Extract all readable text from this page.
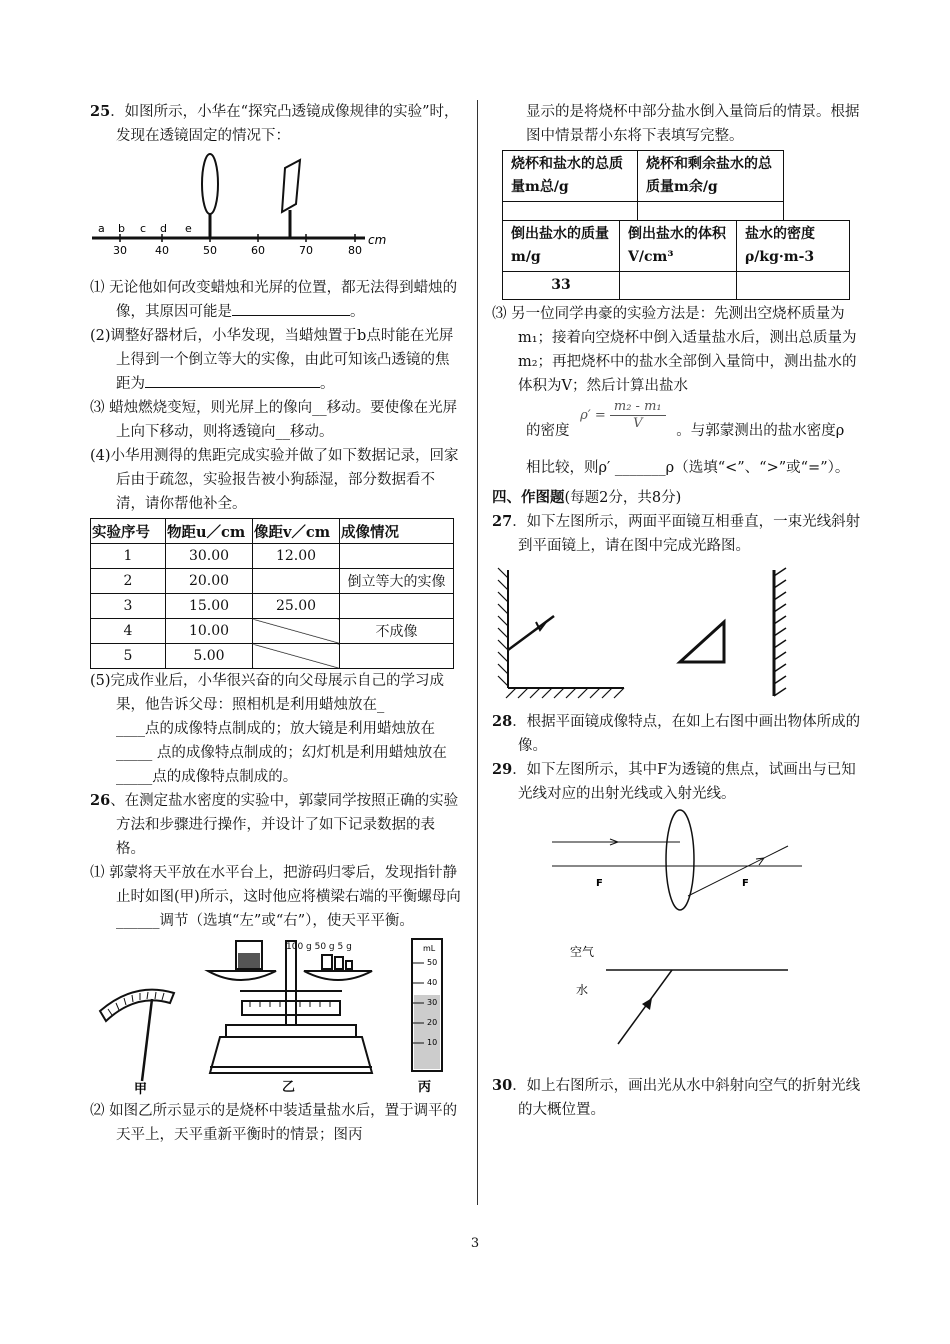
25．如图所示，小华在“探究凸透镜成像规律的实验”时，发现在透镜固定的情况下：

a b c d e
30	40	50	60	70	80
cm

⑴ 无论他如何改变蜡烛和光屏的位置，都无法得到蜡烛的像，其原因可能是	。

(2)调整好器材后，小华发现，当蜡烛置于b点时能在光屏上得到一个倒立等大的实像，由此可知该凸透镜的焦距为	。

⑶ 蜡烛燃烧变短，则光屏上的像向__移动。要使像在光屏上向下移动，则将透镜向__移动。

(4)小华用测得的焦距完成实验并做了如下数据记录，回家后由于疏忽，实验报告被小狗舔湿，部分数据看不清，请你帮他补全。

实验序号	物距u／cm	像距v／cm	成像情况
1	30.00	12.00	
2	20.00		倒立等大的实像
3	15.00	25.00	
4	10.00		不成像
5	5.00		

(5)完成作业后，小华很兴奋的向父母展示自己的学习成果，他告诉父母：照相机是利用蜡烛放在_
____点的成像特点制成的；放大镜是利用蜡烛放在_____ 点的成像特点制成的；幻灯机是利用蜡烛放在_____点的成像特点制成的。

26、在测定盐水密度的实验中，郭蒙同学按照正确的实验方法和步骤进行操作，并设计了如下记录数据的表格。

⑴ 郭蒙将天平放在水平台上，把游码归零后，发现指针静止时如图(甲)所示，这时他应将横梁右端的平衡螺母向______调节（选填“左”或“右”），使天平平衡。

甲
100 g 50 g 5 g
乙
mL
50
40
30
20
10
丙

⑵ 如图乙所示显示的是烧杯中装适量盐水后，置于调平的天平上，天平重新平衡时的情景；图丙

显示的是将烧杯中部分盐水倒入量筒后的情景。根据图中情景帮小东将下表填写完整。

烧杯和盐水的总质量m总/g	烧杯和剩余盐水的总质量m余/g

倒出盐水的质量m/g	倒出盐水的体积V/cm³	盐水的密度ρ/kg·m-3
33		

⑶ 另一位同学冉豪的实验方法是：先测出空烧杯质量为m₁；接着向空烧杯中倒入适量盐水后，测出总质量为m₂；再把烧杯中的盐水全部倒入量筒中，测出盐水的体积为V；然后计算出盐水

的密度 $\rho' = \frac{\text{m₂ - m₁}}{V}$ 。与郭蒙测出的盐水密度ρ

相比较，则ρ′ _______ρ（选填“<”、“>”或“=”）。

四、作图题(每题2分，共8分)

27．如下左图所示，两面平面镜互相垂直，一束光线斜射到平面镜上，请在图中完成光路图。

28．根据平面镜成像特点，在如上右图中画出物体所成的像。

29．如下左图所示，其中F为透镜的焦点，试画出与已知光线对应的出射光线或入射光线。

F	F
空气
水

30．如上右图所示，画出光从水中斜射向空气的折射光线的大概位置。

3
